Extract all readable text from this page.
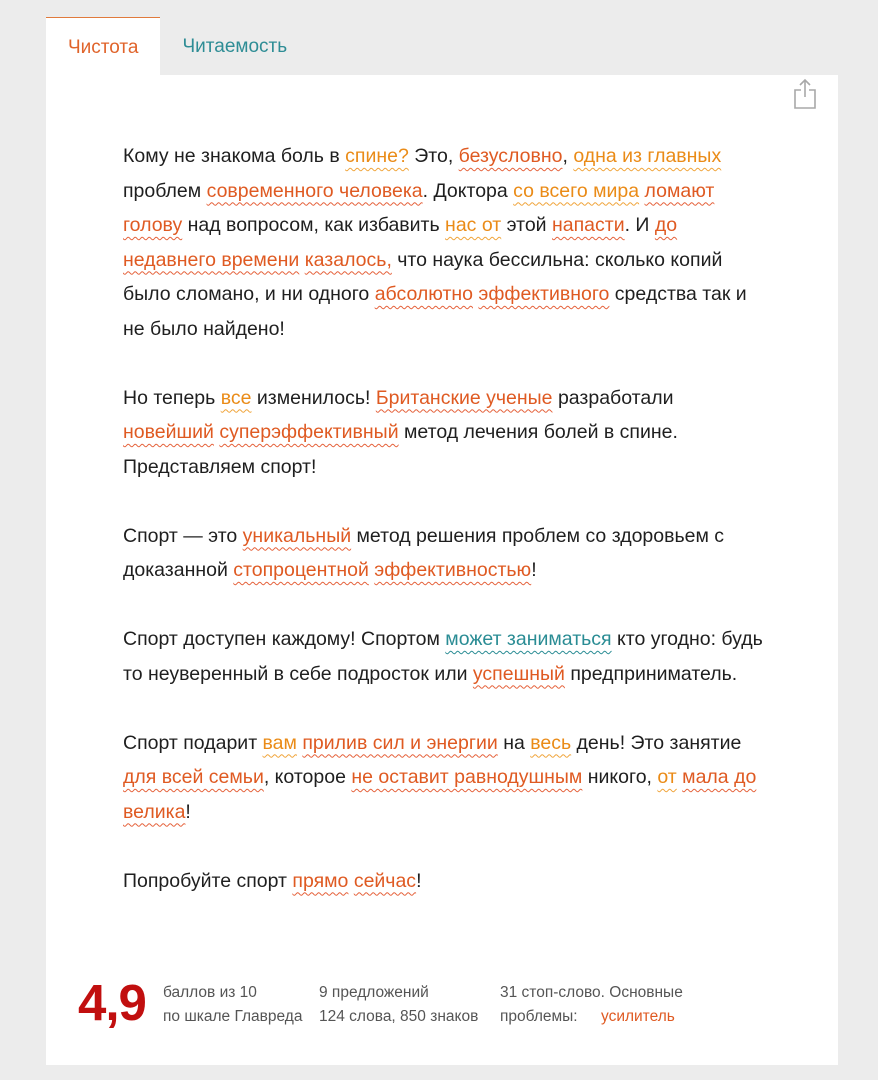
Чистота	Читаемость

Кому не знакома боль в спине? Это, безусловно, одна из главных проблем современного человека. Доктора со всего мира ломают голову над вопросом, как избавить нас от этой напасти. И до недавнего времени казалось, что наука бессильна: сколько копий было сломано, и ни одного абсолютно эффективного средства так и не было найдено!

Но теперь все изменилось! Британские ученые разработали новейший суперэффективный метод лечения болей в спине. Представляем спорт!

Спорт — это уникальный метод решения проблем со здоровьем с доказанной стопроцентной эффективностью!

Спорт доступен каждому! Спортом может заниматься кто угодно: будь то неуверенный в себе подросток или успешный предприниматель.

Спорт подарит вам прилив сил и энергии на весь день! Это занятие для всей семьи, которое не оставит равнодушным никого, от мала до велика!

Попробуйте спорт прямо сейчас!

4,9 баллов из 10
по шкале Главреда
9 предложений
124 слова, 850 знаков
31 стоп-слово. Основные
проблемы: усилитель
